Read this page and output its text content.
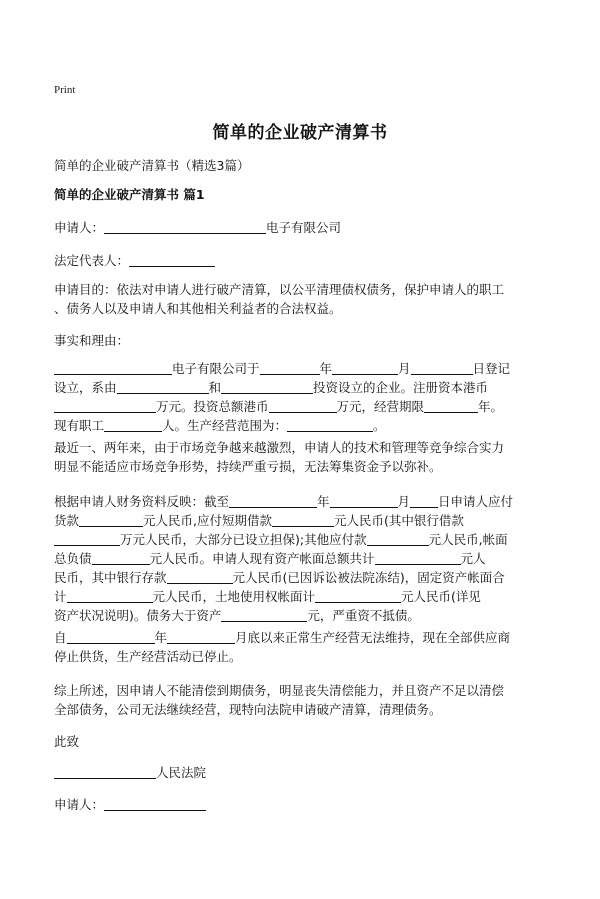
Print
简单的企业破产清算书
简单的企业破产清算书（精选3篇）
简单的企业破产清算书 篇1
申请人：	电子有限公司
法定代表人：
申请目的：依法对申请人进行破产清算，以公平清理债权债务，保护申请人的职工
、债务人以及申请人和其他相关利益者的合法权益。
事实和理由：
电子有限公司于	年	月	日登记
设立，系由	和	投资设立的企业。注册资本港币
万元。投资总额港币	万元，经营期限	年。
现有职工	人。生产经营范围为：	。
最近一、两年来，由于市场竞争越来越激烈，申请人的技术和管理等竞争综合实力
明显不能适应市场竞争形势，持续严重亏损，无法筹集资金予以弥补。
根据申请人财务资料反映：截至	年	月 日申请人应付
货款	元人民币,应付短期借款	元人民币(其中银行借款
万元人民币，大部分已设立担保);其他应付款	元人民币,帐面
总负债	元人民币。申请人现有资产帐面总额共计	元人
民币，其中银行存款	元人民币(已因诉讼被法院冻结)，固定资产帐面合
计	元人民币，土地使用权帐面计	元人民币(详见
资产状况说明)。债务大于资产	元，严重资不抵债。
自	年	月底以来正常生产经营无法维持，现在全部供应商
停止供货，生产经营活动已停止。
综上所述，因申请人不能清偿到期债务，明显丧失清偿能力，并且资产不足以清偿
全部债务，公司无法继续经营，现特向法院申请破产清算，清理债务。
此致
人民法院
申请人：
